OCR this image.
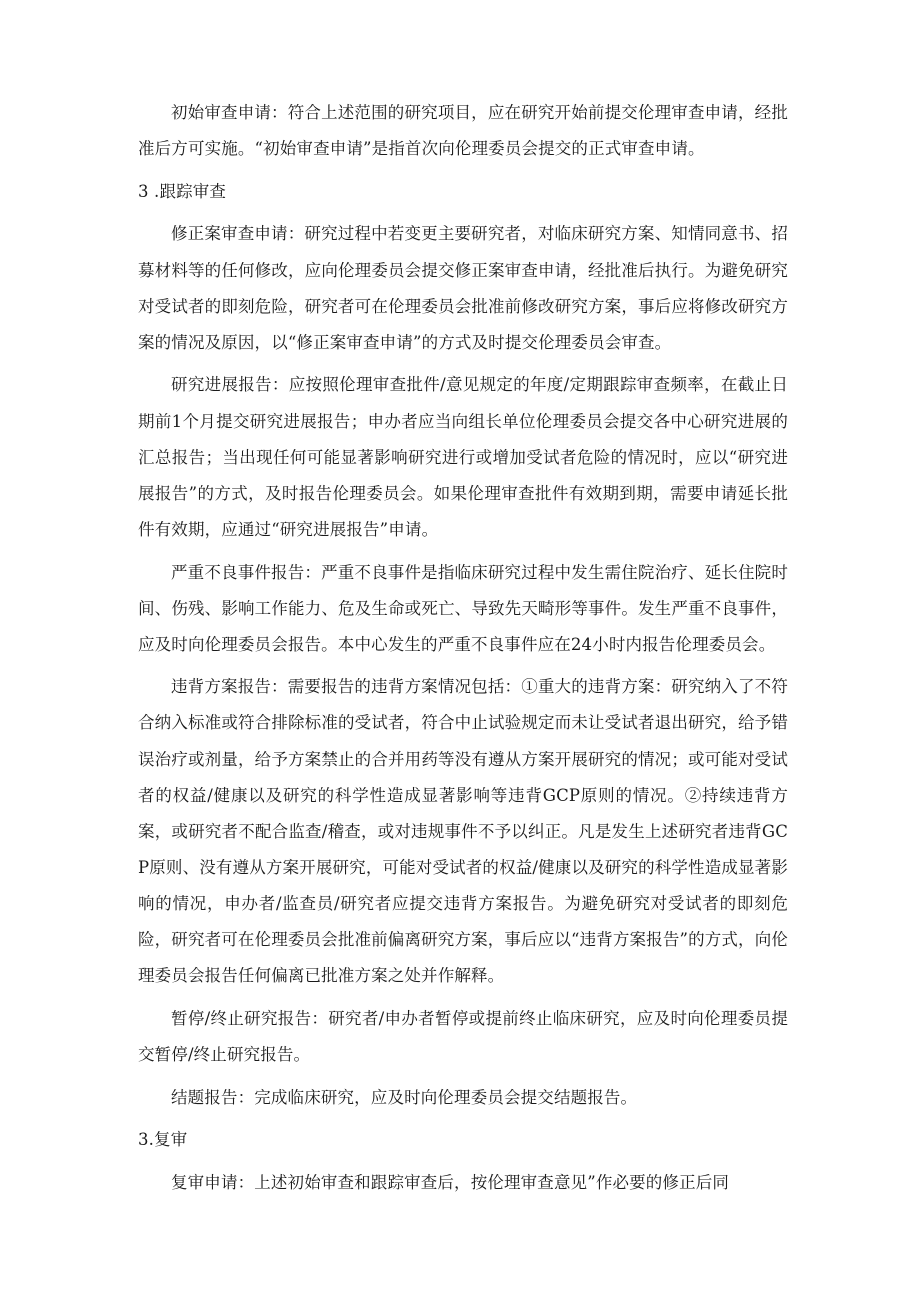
初始审查申请：符合上述范围的研究项目，应在研究开始前提交伦理审查申请，经批准后方可实施。“初始审查申请”是指首次向伦理委员会提交的正式审查申请。

3 .跟踪审查

修正案审查申请：研究过程中若变更主要研究者，对临床研究方案、知情同意书、招募材料等的任何修改，应向伦理委员会提交修正案审查申请，经批准后执行。为避免研究对受试者的即刻危险，研究者可在伦理委员会批准前修改研究方案，事后应将修改研究方案的情况及原因，以“修正案审查申请”的方式及时提交伦理委员会审查。

研究进展报告：应按照伦理审查批件/意见规定的年度/定期跟踪审查频率，在截止日期前1个月提交研究进展报告；申办者应当向组长单位伦理委员会提交各中心研究进展的汇总报告；当出现任何可能显著影响研究进行或增加受试者危险的情况时，应以“研究进展报告”的方式，及时报告伦理委员会。如果伦理审查批件有效期到期，需要申请延长批件有效期，应通过“研究进展报告”申请。

严重不良事件报告：严重不良事件是指临床研究过程中发生需住院治疗、延长住院时间、伤残、影响工作能力、危及生命或死亡、导致先天畸形等事件。发生严重不良事件，应及时向伦理委员会报告。本中心发生的严重不良事件应在24小时内报告伦理委员会。

违背方案报告：需要报告的违背方案情况包括：①重大的违背方案：研究纳入了不符合纳入标准或符合排除标准的受试者，符合中止试验规定而未让受试者退出研究，给予错误治疗或剂量，给予方案禁止的合并用药等没有遵从方案开展研究的情况；或可能对受试者的权益/健康以及研究的科学性造成显著影响等违背GCP原则的情况。②持续违背方案，或研究者不配合监查/稽查，或对违规事件不予以纠正。凡是发生上述研究者违背GCP原则、没有遵从方案开展研究，可能对受试者的权益/健康以及研究的科学性造成显著影响的情况，申办者/监查员/研究者应提交违背方案报告。为避免研究对受试者的即刻危险，研究者可在伦理委员会批准前偏离研究方案，事后应以“违背方案报告”的方式，向伦理委员会报告任何偏离已批准方案之处并作解释。

暂停/终止研究报告：研究者/申办者暂停或提前终止临床研究，应及时向伦理委员提交暂停/终止研究报告。

结题报告：完成临床研究，应及时向伦理委员会提交结题报告。

3.复审

复审申请：上述初始审查和跟踪审查后，按伦理审查意见”作必要的修正后同
